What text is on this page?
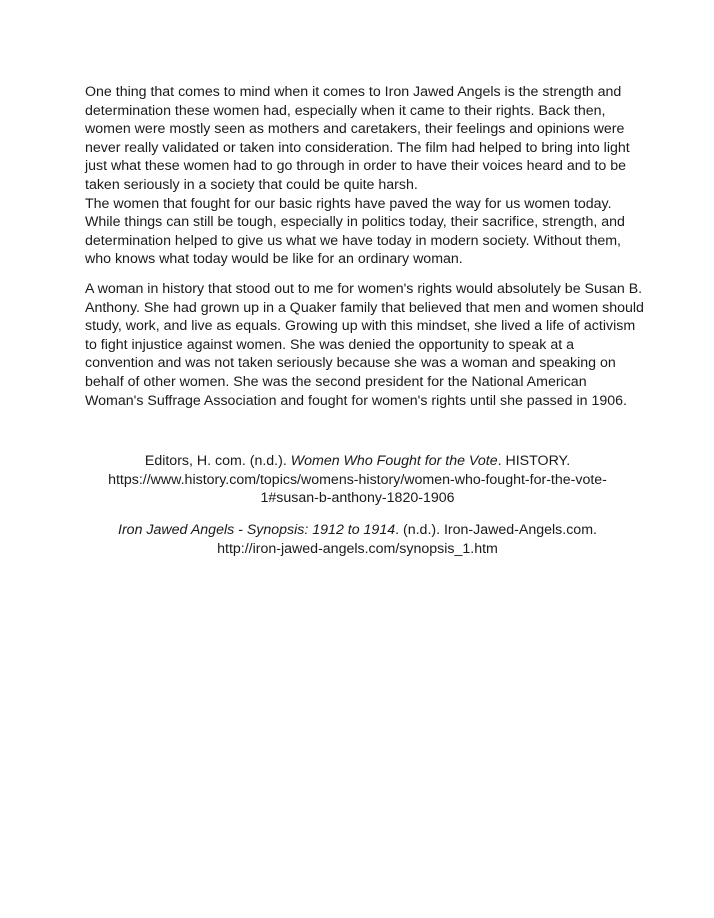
One thing that comes to mind when it comes to Iron Jawed Angels is the strength and determination these women had, especially when it came to their rights. Back then, women were mostly seen as mothers and caretakers, their feelings and opinions were never really validated or taken into consideration. The film had helped to bring into light just what these women had to go through in order to have their voices heard and to be taken seriously in a society that could be quite harsh.

The women that fought for our basic rights have paved the way for us women today. While things can still be tough, especially in politics today, their sacrifice, strength, and determination helped to give us what we have today in modern society. Without them, who knows what today would be like for an ordinary woman.

A woman in history that stood out to me for women's rights would absolutely be Susan B. Anthony. She had grown up in a Quaker family that believed that men and women should study, work, and live as equals. Growing up with this mindset, she lived a life of activism to fight injustice against women. She was denied the opportunity to speak at a convention and was not taken seriously because she was a woman and speaking on behalf of other women. She was the second president for the National American Woman's Suffrage Association and fought for women's rights until she passed in 1906.

Editors, H. com. (n.d.). Women Who Fought for the Vote. HISTORY. https://www.history.com/topics/womens-history/women-who-fought-for-the-vote-1#susan-b-anthony-1820-1906

Iron Jawed Angels - Synopsis: 1912 to 1914. (n.d.). Iron-Jawed-Angels.com. http://iron-jawed-angels.com/synopsis_1.htm
